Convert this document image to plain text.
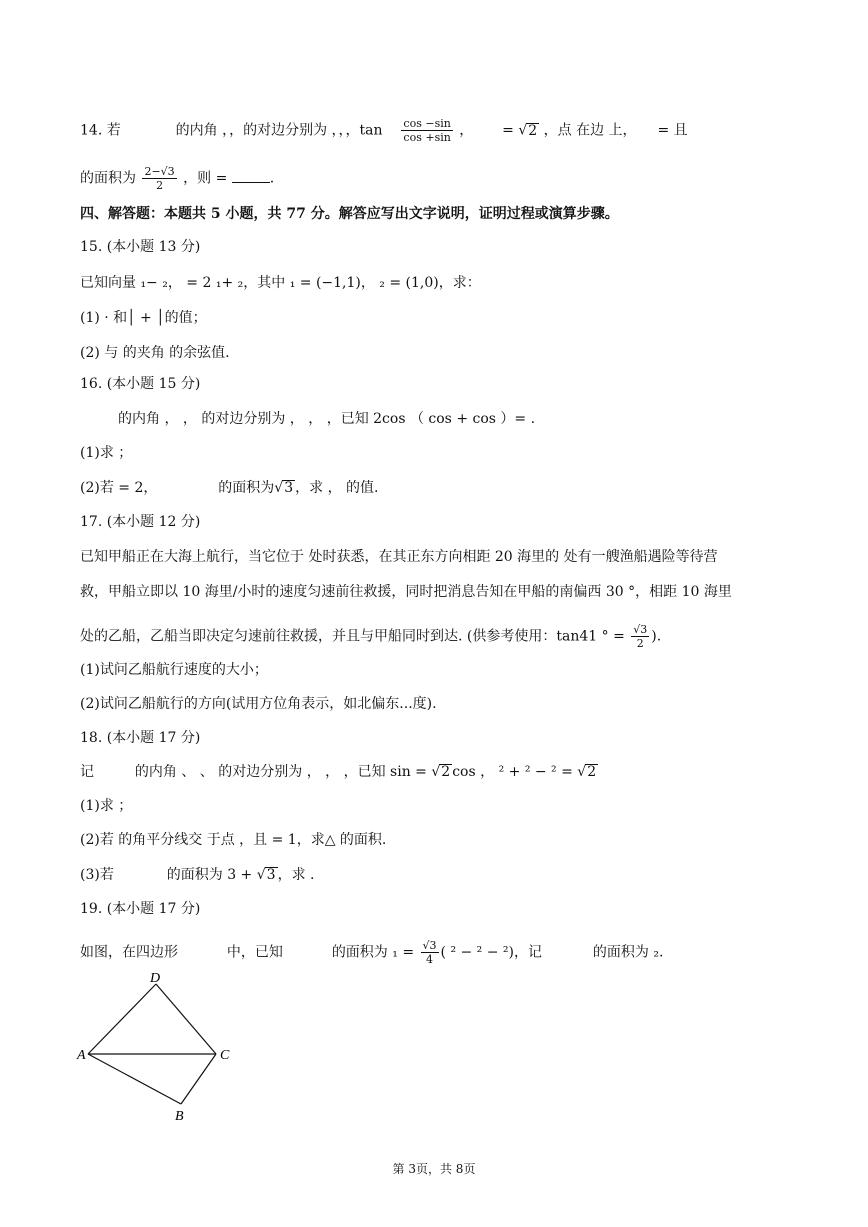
14. 若	的内角 ，，的对边分别为 ，，，$\tan \frac{\cos -\sin}{\cos +\sin}$ ， = √2 ，点 在边 上， = 且
的面积为 $\frac{2-√3}{2}$ ，则 =	.
四、解答题：本题共 5 小题，共 77 分。解答应写出文字说明，证明过程或演算步骤。
15. (本小题 13 分)
已知向量 ₁− ₂， = 2 ₁+ ₂，其中 ₁ = (−1,1)， ₂ = (1,0)，求：
(1) · 和│ + │的值；
(2) 与 的夹角 的余弦值.
16. (本小题 15 分)
的内角 ， ， 的对边分别为 ， ， ，已知 2cos （ cos + cos ）= .
(1)求 ；
(2)若 = 2，	的面积为√3 ，求 ， 的值.
17. (本小题 12 分)
已知甲船正在大海上航行，当它位于 处时获悉，在其正东方向相距 20 海里的 处有一艘渔船遇险等待营
救，甲船立即以 10 海里/小时的速度匀速前往救援，同时把消息告知在甲船的南偏西 30 °，相距 10 海里
处的乙船，乙船当即决定匀速前往救援，并且与甲船同时到达. (供参考使用：tan41 ° = $\frac{√3}{2}$ ).
(1)试问乙船航行速度的大小；
(2)试问乙船航行的方向(试用方位角表示，如北偏东...度).
18. (本小题 17 分)
记	的内角 、 、 的对边分别为 ， ， ，已知 sin = √2 cos ， ² + ² − ² = √2
(1)求 ；
(2)若 的角平分线交 于点 ，且 = 1，求△ 的面积.
(3)若	的面积为 3 + √3 ，求 .
19. (本小题 17 分)
如图，在四边形	中，已知	的面积为 $_1 = \frac{√3}{4}$ ( ² − ² − ²)，记	的面积为 ₂.
A
D
C
B
第 3页，共 8页
